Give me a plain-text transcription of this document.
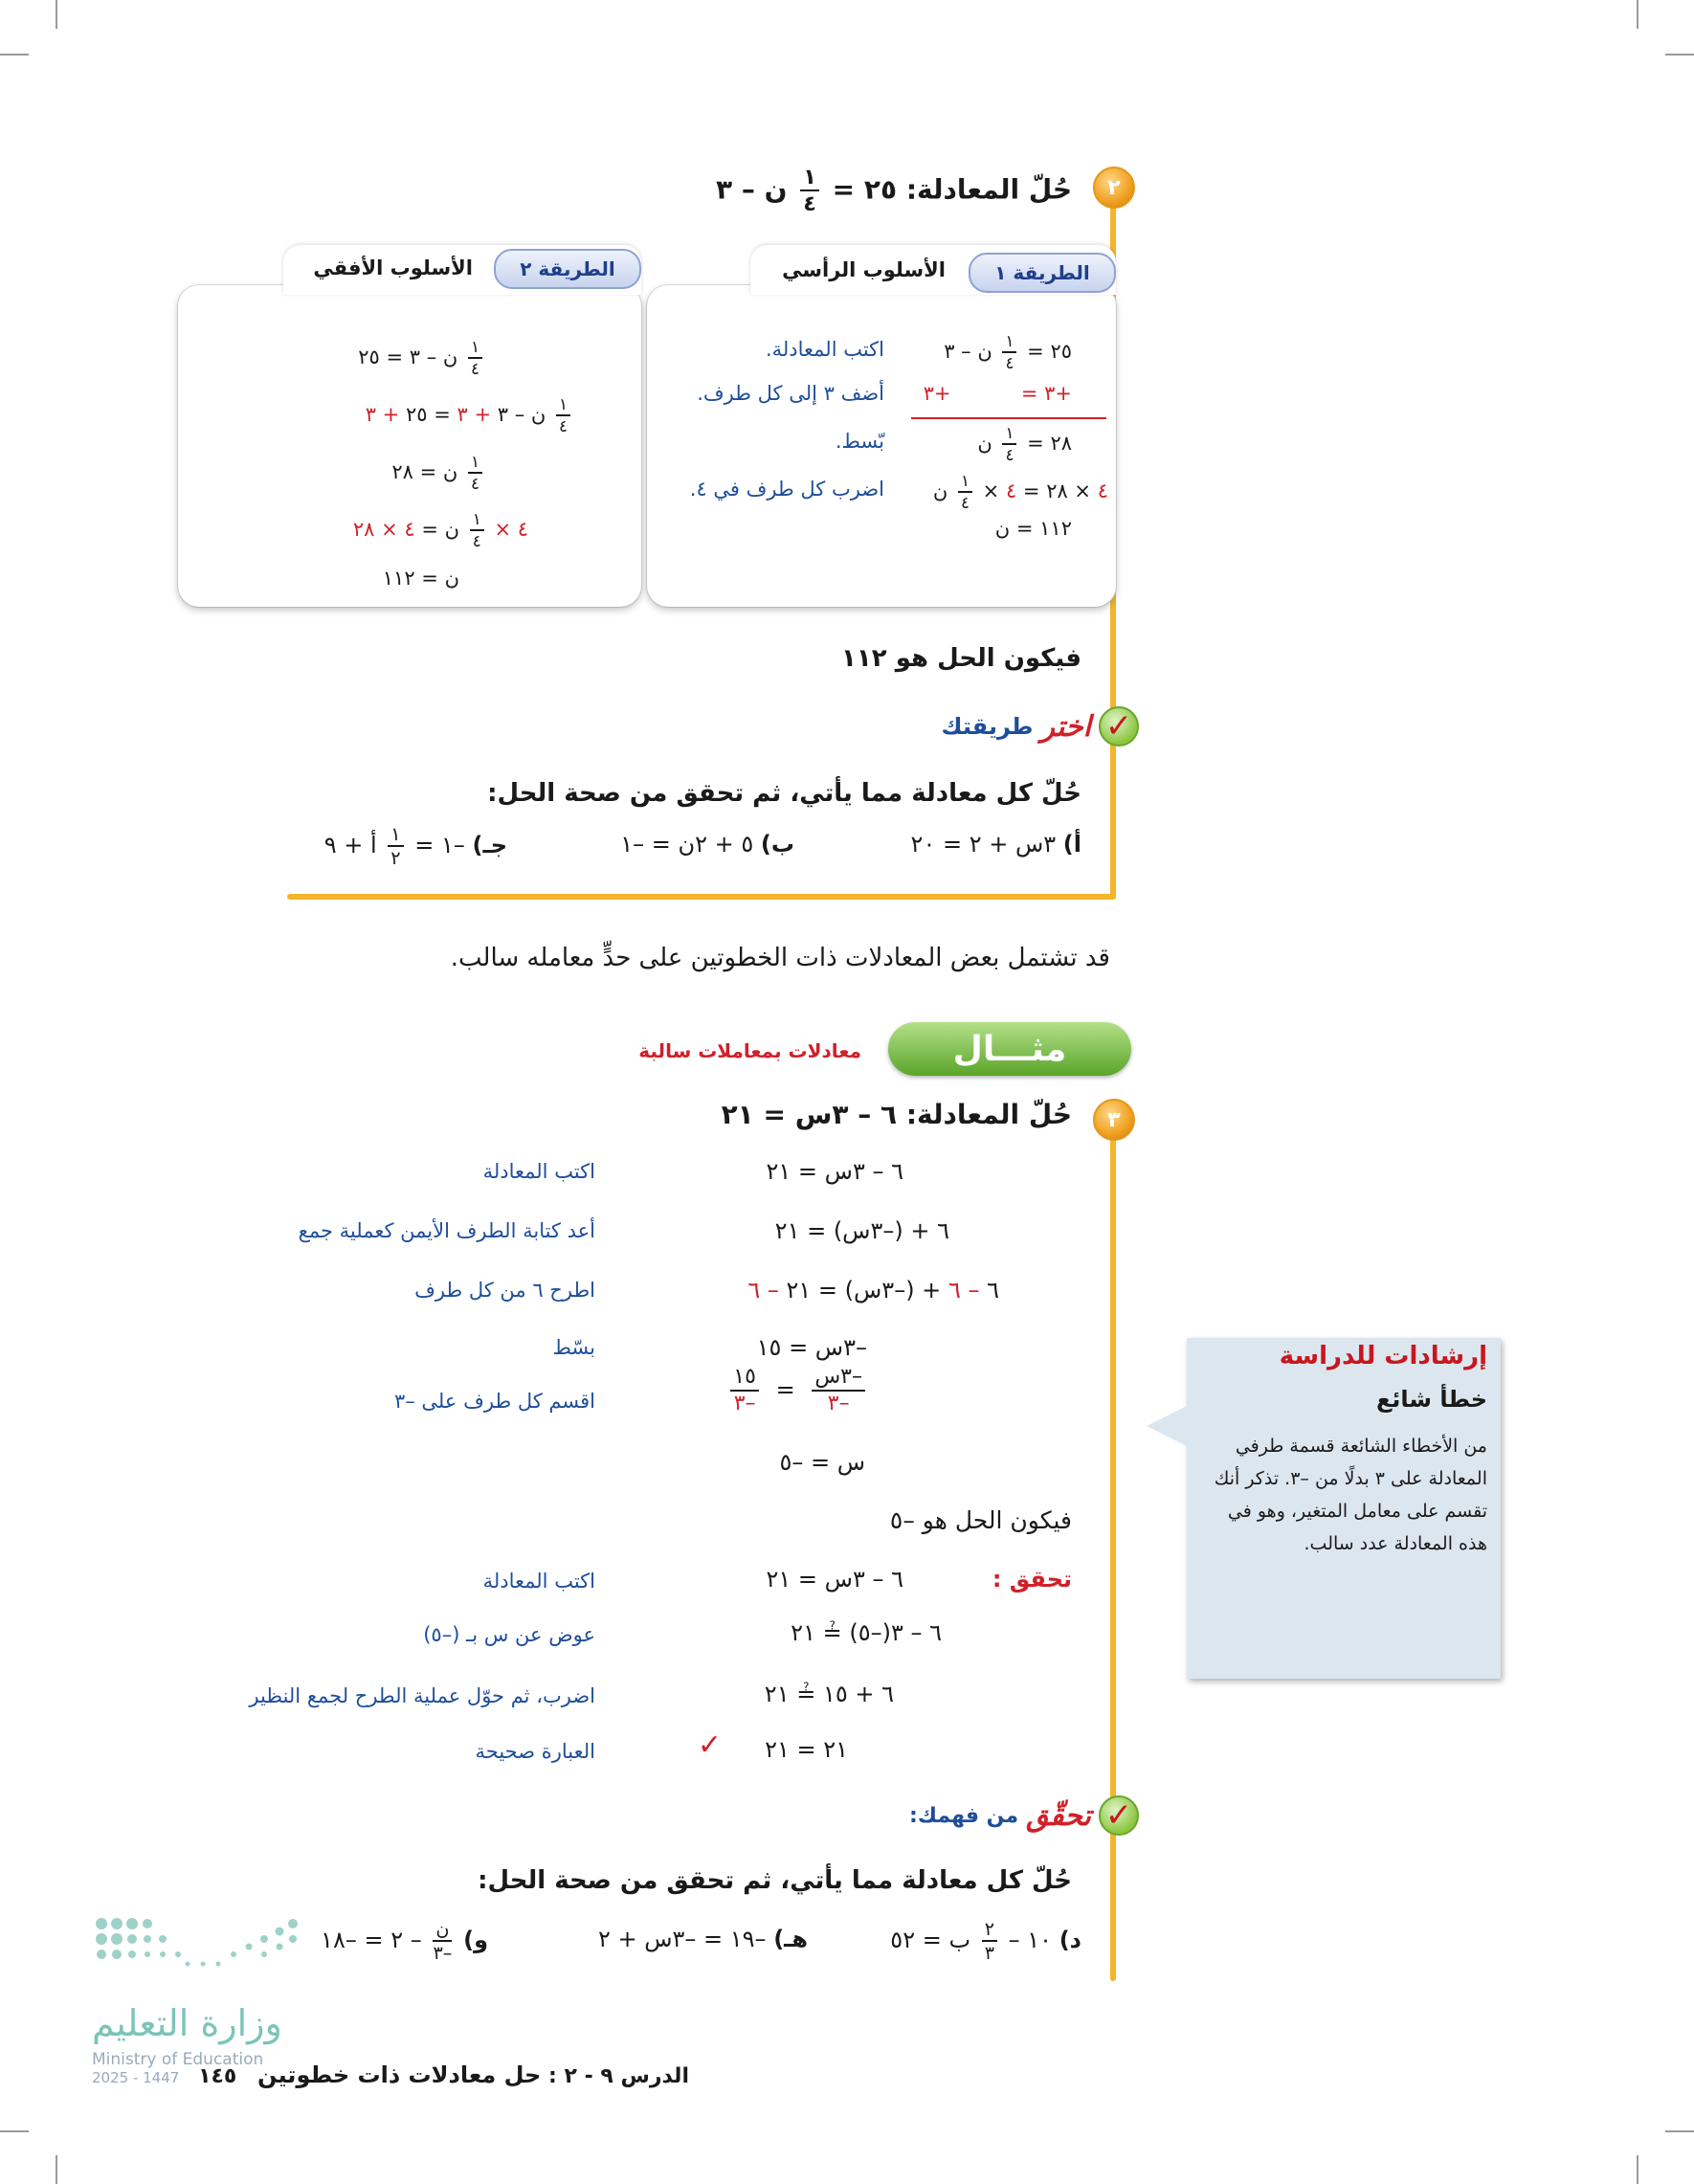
٢
حُلّ المعادلة: ٢٥ =
$\frac{١}{٤}$
ن – ٣
الطريقة ١
الأسلوب الرأسي
اكتب المعادلة.
أضف ٣ إلى كل طرف.
بّسط.
اضرب كل طرف في ٤.
٢٥ =
$\frac{١}{٤}$
ن – ٣
+٣ =  +٣
٢٨ =
$\frac{١}{٤}$
ن
٤ × ٢٨ = ٤ ×
$\frac{١}{٤}$
ن
١١٢ = ن
الطريقة ٢
الأسلوب الأفقي
$\frac{١}{٤}$
ن – ٣ = ٢٥
$\frac{١}{٤}$
ن – ٣ + ٣ = ٢٥ + ٣
$\frac{١}{٤}$
ن = ٢٨
٤ ×
$\frac{١}{٤}$
ن = ٤ × ٢٨
ن = ١١٢
فيكون الحل هو ١١٢
✓
اختر
طريقتك
حُلّ كل معادلة مما يأتي، ثم تحقق من صحة الحل:
أ) ٣س + ٢ = ٢٠
ب) ٥ + ٢ن = –١
جـ) –١ =
$\frac{١}{٢}$
أ + ٩
قد تشتمل بعض المعادلات ذات الخطوتين على حدٍّ معامله سالب.
مثـــال
معادلات بمعاملات سالبة
٣
حُلّ المعادلة: ٦ – ٣س = ٢١
٦ – ٣س = ٢١
اكتب المعادلة
٦ + (–٣س) = ٢١
أعد كتابة الطرف الأيمن كعملية جمع
٦ – ٦ + (–٣س) = ٢١ – ٦
اطرح ٦ من كل طرف
–٣س = ١٥
بسّط
$\frac{\text{–٣س}}{-٣}$
=
$\frac{١٥}{-٣}$
اقسم كل طرف على –٣
س = –٥
فيكون الحل هو –٥
تحقق :
٦ – ٣س = ٢١
اكتب المعادلة
٦ – ٣(–٥) ≟ ٢١
عوض عن س بـ (–٥)
٦ + ١٥ ≟ ٢١
اضرب، ثم حوّل عملية الطرح لجمع النظير
٢١ = ٢١
✓
العبارة صحيحة
✓
تحقّق
من فهمك:
حُلّ كل معادلة مما يأتي، ثم تحقق من صحة الحل:
د) ١٠ –
$\frac{٢}{٣}$
ب = ٥٢
هـ) –١٩ = –٣س + ٢
و)
$\frac{\text{ن}}{-٣}$
– ٢ = –١٨
إرشادات للدراسة
خطأ شائع
من الأخطاء الشائعة قسمة طرفي المعادلة على ٣ بدلًا من –٣. تذكر أنك تقسم على معامل المتغير، وهو في هذه المعادلة عدد سالب.
الدرس ٩ - ٢ : حل معادلات ذات خطوتين ١٤٥
وزارة التعليم
Ministry of Education
2025 - 1447
